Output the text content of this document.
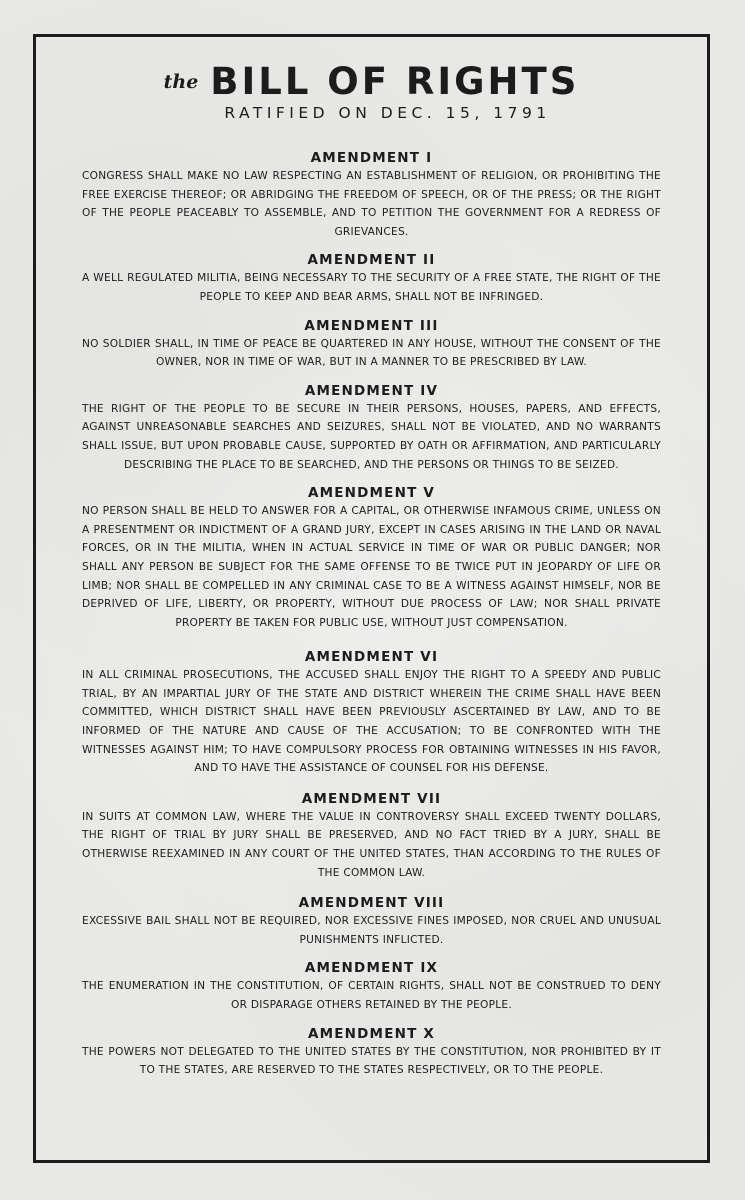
the BILL OF RIGHTS
RATIFIED ON DEC. 15, 1791
AMENDMENT I
CONGRESS SHALL MAKE NO LAW RESPECTING AN ESTABLISHMENT OF RELIGION, OR PROHIBITING THE FREE EXERCISE THEREOF; OR ABRIDGING THE FREEDOM OF SPEECH, OR OF THE PRESS; OR THE RIGHT OF THE PEOPLE PEACEABLY TO ASSEMBLE, AND TO PETITION THE GOVERNMENT FOR A REDRESS OF GRIEVANCES.
AMENDMENT II
A WELL REGULATED MILITIA, BEING NECESSARY TO THE SECURITY OF A FREE STATE, THE RIGHT OF THE PEOPLE TO KEEP AND BEAR ARMS, SHALL NOT BE INFRINGED.
AMENDMENT III
NO SOLDIER SHALL, IN TIME OF PEACE BE QUARTERED IN ANY HOUSE, WITHOUT THE CONSENT OF THE OWNER, NOR IN TIME OF WAR, BUT IN A MANNER TO BE PRESCRIBED BY LAW.
AMENDMENT IV
THE RIGHT OF THE PEOPLE TO BE SECURE IN THEIR PERSONS, HOUSES, PAPERS, AND EFFECTS, AGAINST UNREASONABLE SEARCHES AND SEIZURES, SHALL NOT BE VIOLATED, AND NO WARRANTS SHALL ISSUE, BUT UPON PROBABLE CAUSE, SUPPORTED BY OATH OR AFFIRMATION, AND PARTICULARLY DESCRIBING THE PLACE TO BE SEARCHED, AND THE PERSONS OR THINGS TO BE SEIZED.
AMENDMENT V
NO PERSON SHALL BE HELD TO ANSWER FOR A CAPITAL, OR OTHERWISE INFAMOUS CRIME, UNLESS ON A PRESENTMENT OR INDICTMENT OF A GRAND JURY, EXCEPT IN CASES ARISING IN THE LAND OR NAVAL FORCES, OR IN THE MILITIA, WHEN IN ACTUAL SERVICE IN TIME OF WAR OR PUBLIC DANGER; NOR SHALL ANY PERSON BE SUBJECT FOR THE SAME OFFENSE TO BE TWICE PUT IN JEOPARDY OF LIFE OR LIMB; NOR SHALL BE COMPELLED IN ANY CRIMINAL CASE TO BE A WITNESS AGAINST HIMSELF, NOR BE DEPRIVED OF LIFE, LIBERTY, OR PROPERTY, WITHOUT DUE PROCESS OF LAW; NOR SHALL PRIVATE PROPERTY BE TAKEN FOR PUBLIC USE, WITHOUT JUST COMPENSATION.
AMENDMENT VI
IN ALL CRIMINAL PROSECUTIONS, THE ACCUSED SHALL ENJOY THE RIGHT TO A SPEEDY AND PUBLIC TRIAL, BY AN IMPARTIAL JURY OF THE STATE AND DISTRICT WHEREIN THE CRIME SHALL HAVE BEEN COMMITTED, WHICH DISTRICT SHALL HAVE BEEN PREVIOUSLY ASCERTAINED BY LAW, AND TO BE INFORMED OF THE NATURE AND CAUSE OF THE ACCUSATION; TO BE CONFRONTED WITH THE WITNESSES AGAINST HIM; TO HAVE COMPULSORY PROCESS FOR OBTAINING WITNESSES IN HIS FAVOR, AND TO HAVE THE ASSISTANCE OF COUNSEL FOR HIS DEFENSE.
AMENDMENT VII
IN SUITS AT COMMON LAW, WHERE THE VALUE IN CONTROVERSY SHALL EXCEED TWENTY DOLLARS, THE RIGHT OF TRIAL BY JURY SHALL BE PRESERVED, AND NO FACT TRIED BY A JURY, SHALL BE OTHERWISE REEXAMINED IN ANY COURT OF THE UNITED STATES, THAN ACCORDING TO THE RULES OF THE COMMON LAW.
AMENDMENT VIII
EXCESSIVE BAIL SHALL NOT BE REQUIRED, NOR EXCESSIVE FINES IMPOSED, NOR CRUEL AND UNUSUAL PUNISHMENTS INFLICTED.
AMENDMENT IX
THE ENUMERATION IN THE CONSTITUTION, OF CERTAIN RIGHTS, SHALL NOT BE CONSTRUED TO DENY OR DISPARAGE OTHERS RETAINED BY THE PEOPLE.
AMENDMENT X
THE POWERS NOT DELEGATED TO THE UNITED STATES BY THE CONSTITUTION, NOR PROHIBITED BY IT TO THE STATES, ARE RESERVED TO THE STATES RESPECTIVELY, OR TO THE PEOPLE.
